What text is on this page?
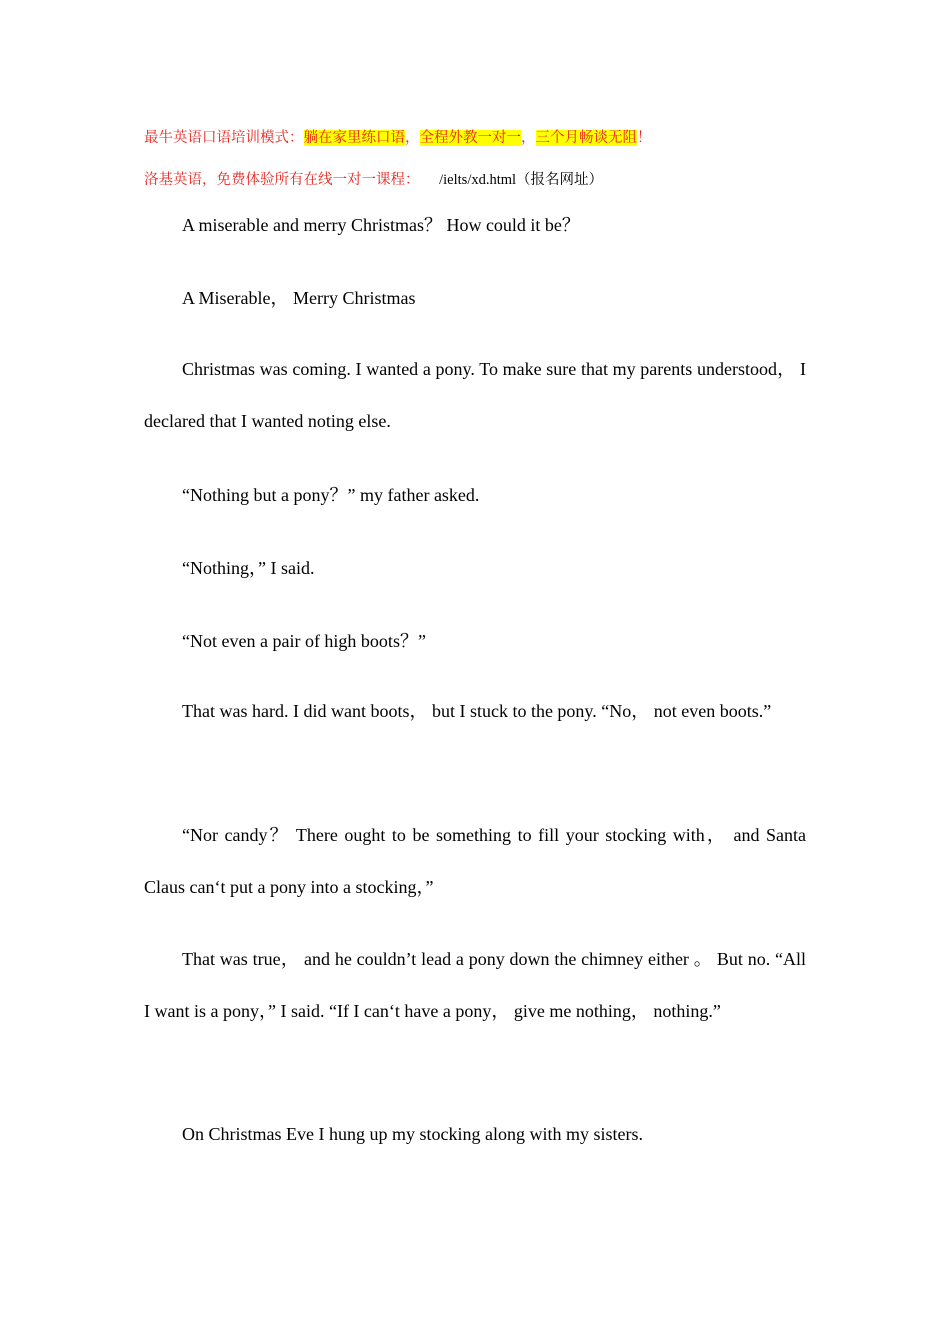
最牛英语口语培训模式：躺在家里练口语，全程外教一对一，三个月畅谈无阻！
洛基英语，免费体验所有在线一对一课程： /ielts/xd.html（报名网址）
A miserable and merry Christmas？ How could it be？
A Miserable， Merry Christmas
Christmas was coming. I wanted a pony. To make sure that my parents understood， I declared that I wanted noting else.
“Nothing but a pony？” my father asked.
“Nothing，” I said.
“Not even a pair of high boots？”
That was hard. I did want boots， but I stuck to the pony. “No， not even boots.”
“Nor candy？ There ought to be something to fill your stocking with， and Santa Claus can‘t put a pony into a stocking，”
That was true， and he couldn’t lead a pony down the chimney either 。 But no. “All I want is a pony，” I said. “If I can‘t have a pony， give me nothing， nothing.”
On Christmas Eve I hung up my stocking along with my sisters.
